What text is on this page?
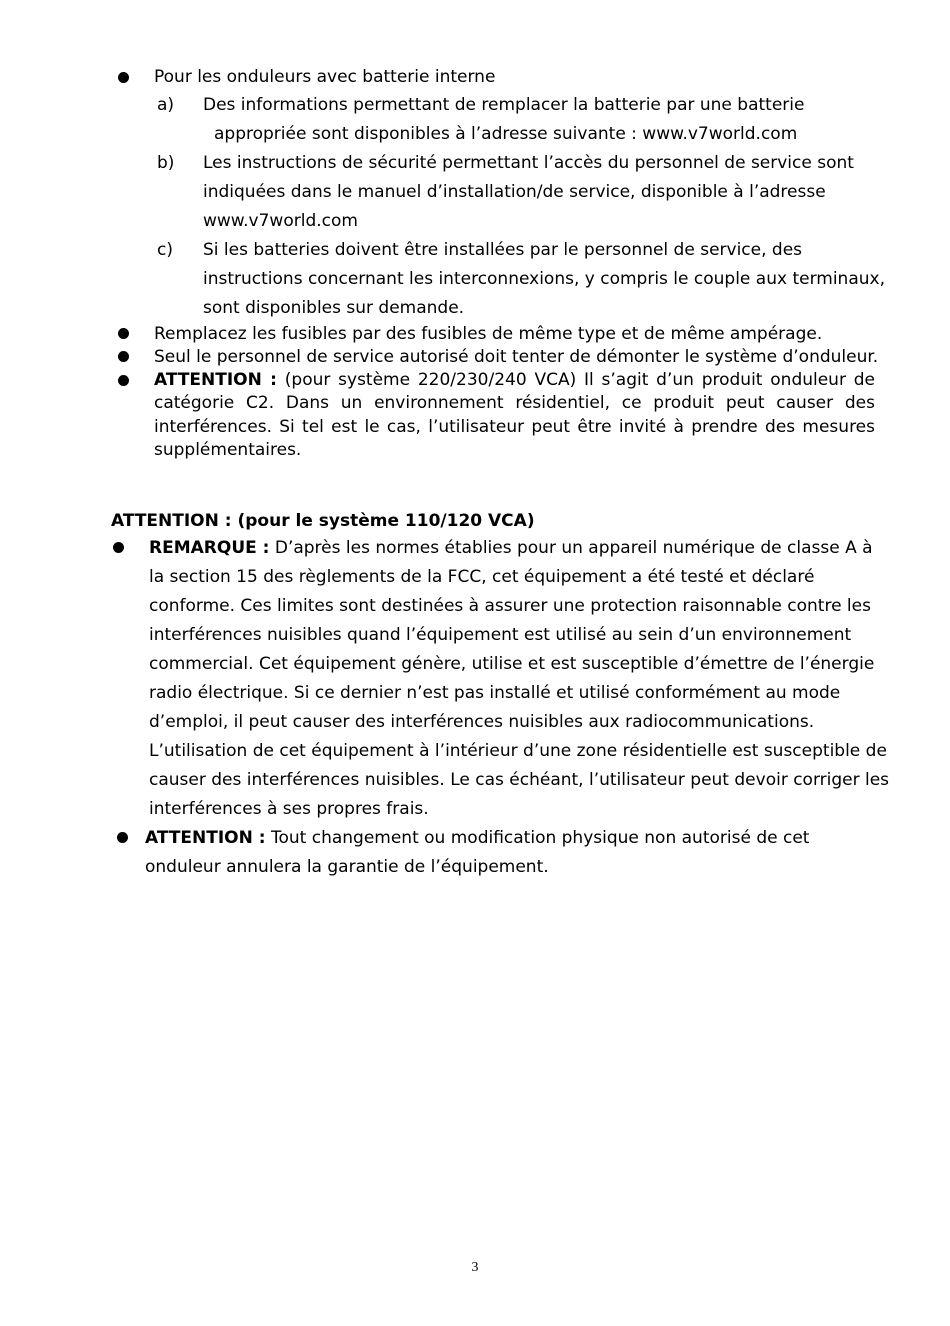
Pour les onduleurs avec batterie interne
a) Des informations permettant de remplacer la batterie par une batterie
appropriée sont disponibles à l’adresse suivante : www.v7world.com
b) Les instructions de sécurité permettant l’accès du personnel de service sont
indiquées dans le manuel d’installation/de service, disponible à l’adresse
www.v7world.com
c) Si les batteries doivent être installées par le personnel de service, des
instructions concernant les interconnexions, y compris le couple aux terminaux,
sont disponibles sur demande.
Remplacez les fusibles par des fusibles de même type et de même ampérage.
Seul le personnel de service autorisé doit tenter de démonter le système d’onduleur.
ATTENTION : (pour système 220/230/240 VCA) Il s’agit d’un produit onduleur de catégorie C2. Dans un environnement résidentiel, ce produit peut causer des interférences. Si tel est le cas, l’utilisateur peut être invité à prendre des mesures supplémentaires.
ATTENTION : (pour le système 110/120 VCA)
REMARQUE : D’après les normes établies pour un appareil numérique de classe A à
la section 15 des règlements de la FCC, cet équipement a été testé et déclaré
conforme. Ces limites sont destinées à assurer une protection raisonnable contre les
interférences nuisibles quand l’équipement est utilisé au sein d’un environnement
commercial. Cet équipement génère, utilise et est susceptible d’émettre de l’énergie
radio électrique. Si ce dernier n’est pas installé et utilisé conformément au mode
d’emploi, il peut causer des interférences nuisibles aux radiocommunications.
L’utilisation de cet équipement à l’intérieur d’une zone résidentielle est susceptible de
causer des interférences nuisibles. Le cas échéant, l’utilisateur peut devoir corriger les
interférences à ses propres frais.
ATTENTION : Tout changement ou modification physique non autorisé de cet
onduleur annulera la garantie de l’équipement.
3
